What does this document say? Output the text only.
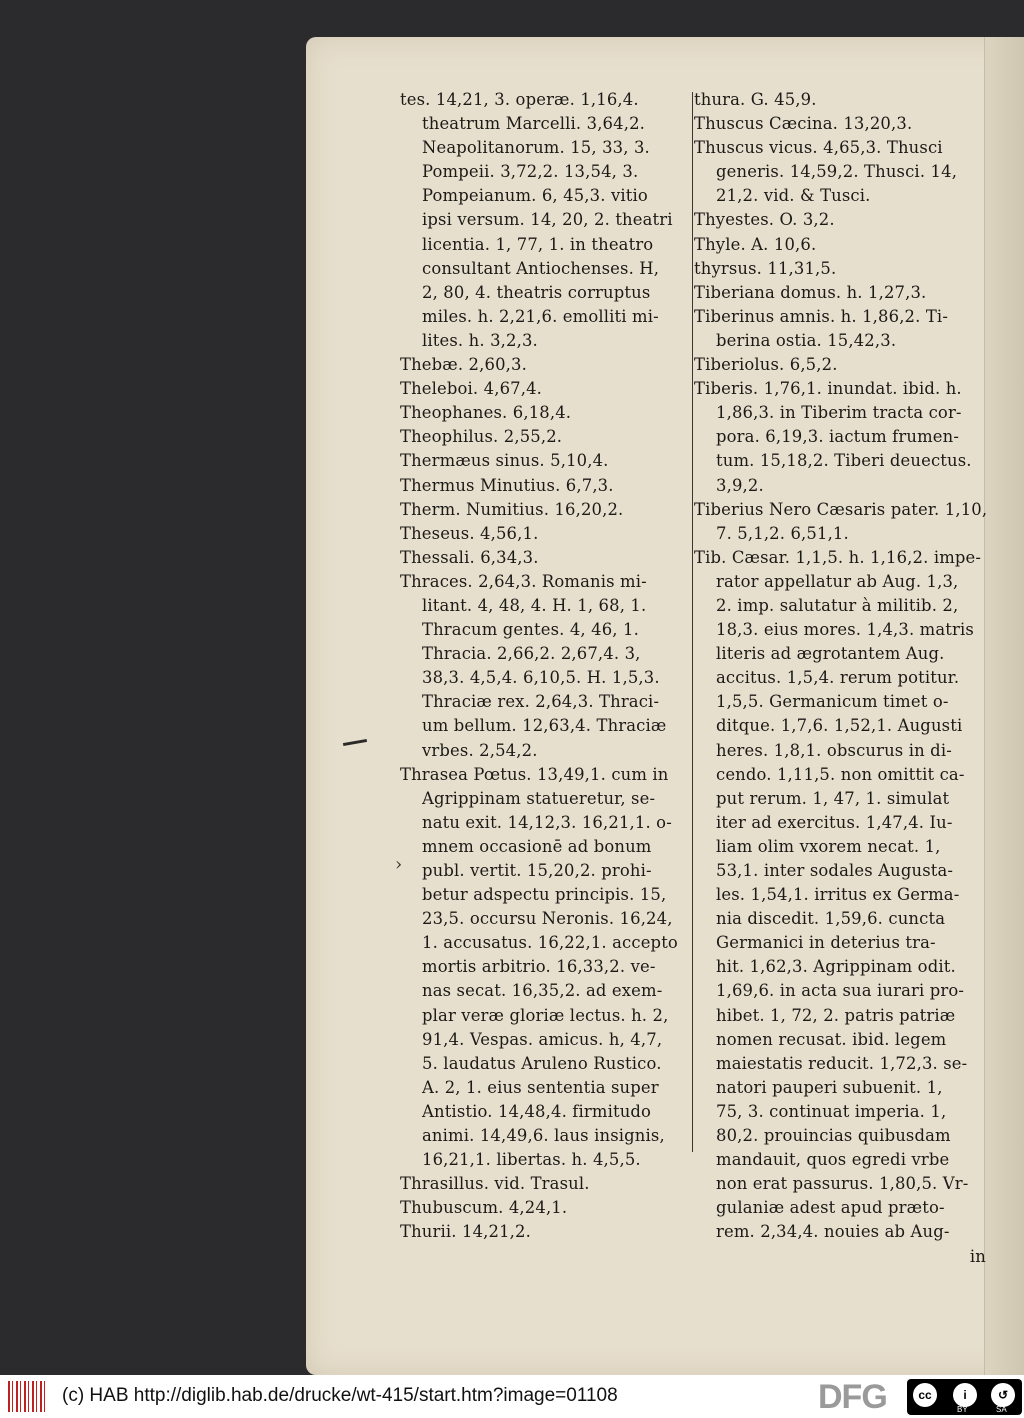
›
tes. 14,21, 3. operæ. 1,16,4.
theatrum Marcelli. 3,64,2.
Neapolitanorum. 15, 33, 3.
Pompeii. 3,72,2. 13,54, 3.
Pompeianum. 6, 45,3. vitio
ipsi versum. 14, 20, 2. theatri
licentia. 1, 77, 1. in theatro
consultant Antiochenses. H,
2, 80, 4. theatris corruptus
miles. h. 2,21,6. emolliti mi-
lites. h. 3,2,3.
Thebæ. 2,60,3.
Theleboi. 4,67,4.
Theophanes. 6,18,4.
Theophilus. 2,55,2.
Thermæus sinus. 5,10,4.
Thermus Minutius. 6,7,3.
Therm. Numitius. 16,20,2.
Theseus. 4,56,1.
Thessali. 6,34,3.
Thraces. 2,64,3. Romanis mi-
litant. 4, 48, 4. H. 1, 68, 1.
Thracum gentes. 4, 46, 1.
Thracia. 2,66,2. 2,67,4. 3,
38,3. 4,5,4. 6,10,5. H. 1,5,3.
Thraciæ rex. 2,64,3. Thraci-
um bellum. 12,63,4. Thraciæ
vrbes. 2,54,2.
Thrasea Pœtus. 13,49,1. cum in
Agrippinam statueretur, se-
natu exit. 14,12,3. 16,21,1. o-
mnem occasionē ad bonum
publ. vertit. 15,20,2. prohi-
betur adspectu principis. 15,
23,5. occursu Neronis. 16,24,
1. accusatus. 16,22,1. accepto
mortis arbitrio. 16,33,2. ve-
nas secat. 16,35,2. ad exem-
plar veræ gloriæ lectus. h. 2,
91,4. Vespas. amicus. h, 4,7,
5. laudatus Aruleno Rustico.
A. 2, 1. eius sententia super
Antistio. 14,48,4. firmitudo
animi. 14,49,6. laus insignis,
16,21,1. libertas. h. 4,5,5.
Thrasillus. vid. Trasul.
Thubuscum. 4,24,1.
Thurii. 14,21,2.
thura. G. 45,9.
Thuscus Cæcina. 13,20,3.
Thuscus vicus. 4,65,3. Thusci
generis. 14,59,2. Thusci. 14,
21,2. vid. & Tusci.
Thyestes. O. 3,2.
Thyle. A. 10,6.
thyrsus. 11,31,5.
Tiberiana domus. h. 1,27,3.
Tiberinus amnis. h. 1,86,2. Ti-
berina ostia. 15,42,3.
Tiberiolus. 6,5,2.
Tiberis. 1,76,1. inundat. ibid. h.
1,86,3. in Tiberim tracta cor-
pora. 6,19,3. iactum frumen-
tum. 15,18,2. Tiberi deuectus.
3,9,2.
Tiberius Nero Cæsaris pater. 1,10,
7. 5,1,2. 6,51,1.
Tib. Cæsar. 1,1,5. h. 1,16,2. impe-
rator appellatur ab Aug. 1,3,
2. imp. salutatur à militib. 2,
18,3. eius mores. 1,4,3. matris
literis ad ægrotantem Aug.
accitus. 1,5,4. rerum potitur.
1,5,5. Germanicum timet o-
ditque. 1,7,6. 1,52,1. Augusti
heres. 1,8,1. obscurus in di-
cendo. 1,11,5. non omittit ca-
put rerum. 1, 47, 1. simulat
iter ad exercitus. 1,47,4. Iu-
liam olim vxorem necat. 1,
53,1. inter sodales Augusta-
les. 1,54,1. irritus ex Germa-
nia discedit. 1,59,6. cuncta
Germanici in deterius tra-
hit. 1,62,3. Agrippinam odit.
1,69,6. in acta sua iurari pro-
hibet. 1, 72, 2. patris patriæ
nomen recusat. ibid. legem
maiestatis reducit. 1,72,3. se-
natori pauperi subuenit. 1,
75, 3. continuat imperia. 1,
80,2. prouincias quibusdam
mandauit, quos egredi vrbe
non erat passurus. 1,80,5. Vr-
gulaniæ adest apud præto-
rem. 2,34,4. nouies ab Aug-
in
(c) HAB http://diglib.hab.de/drucke/wt-415/start.htm?image=01108	DFG	cc	i	↺
BY	SA
